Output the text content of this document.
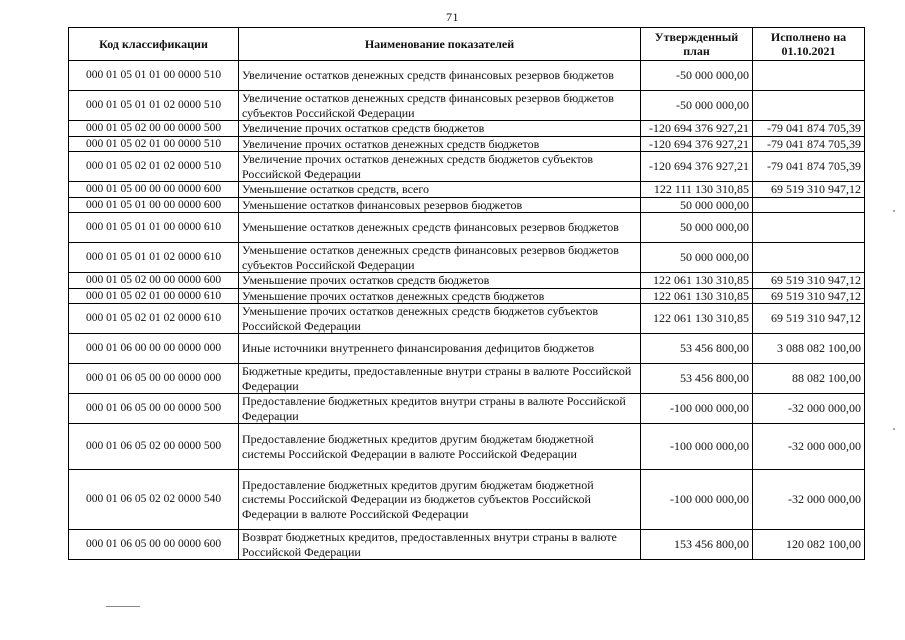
71
Код классификации	Наименование показателей	Утвержденный план	Исполнено на 01.10.2021
000 01 05 01 01 00 0000 510	Увеличение остатков денежных средств финансовых резервов бюджетов	-50 000 000,00	
000 01 05 01 01 02 0000 510	Увеличение остатков денежных средств финансовых резервов бюджетов субъектов Российской Федерации	-50 000 000,00	
000 01 05 02 00 00 0000 500	Увеличение прочих остатков средств бюджетов	-120 694 376 927,21	-79 041 874 705,39
000 01 05 02 01 00 0000 510	Увеличение прочих остатков денежных средств бюджетов	-120 694 376 927,21	-79 041 874 705,39
000 01 05 02 01 02 0000 510	Увеличение прочих остатков денежных средств бюджетов субъектов Российской Федерации	-120 694 376 927,21	-79 041 874 705,39
000 01 05 00 00 00 0000 600	Уменьшение остатков средств, всего	122 111 130 310,85	69 519 310 947,12
000 01 05 01 00 00 0000 600	Уменьшение остатков финансовых резервов бюджетов	50 000 000,00	
000 01 05 01 01 00 0000 610	Уменьшение остатков денежных средств финансовых резервов бюджетов	50 000 000,00	
000 01 05 01 01 02 0000 610	Уменьшение остатков денежных средств финансовых резервов бюджетов субъектов Российской Федерации	50 000 000,00	
000 01 05 02 00 00 0000 600	Уменьшение прочих остатков средств бюджетов	122 061 130 310,85	69 519 310 947,12
000 01 05 02 01 00 0000 610	Уменьшение прочих остатков денежных средств бюджетов	122 061 130 310,85	69 519 310 947,12
000 01 05 02 01 02 0000 610	Уменьшение прочих остатков денежных средств бюджетов субъектов Российской Федерации	122 061 130 310,85	69 519 310 947,12
000 01 06 00 00 00 0000 000	Иные источники внутреннего финансирования дефицитов бюджетов	53 456 800,00	3 088 082 100,00
000 01 06 05 00 00 0000 000	Бюджетные кредиты, предоставленные внутри страны в валюте Российской Федерации	53 456 800,00	88 082 100,00
000 01 06 05 00 00 0000 500	Предоставление бюджетных кредитов внутри страны в валюте Российской Федерации	-100 000 000,00	-32 000 000,00
000 01 06 05 02 00 0000 500	Предоставление бюджетных кредитов другим бюджетам бюджетной системы Российской Федерации в валюте Российской Федерации	-100 000 000,00	-32 000 000,00
000 01 06 05 02 02 0000 540	Предоставление бюджетных кредитов другим бюджетам бюджетной системы Российской Федерации из бюджетов субъектов Российской Федерации в валюте Российской Федерации	-100 000 000,00	-32 000 000,00
000 01 06 05 00 00 0000 600	Возврат бюджетных кредитов, предоставленных внутри страны в валюте Российской Федерации	153 456 800,00	120 082 100,00
